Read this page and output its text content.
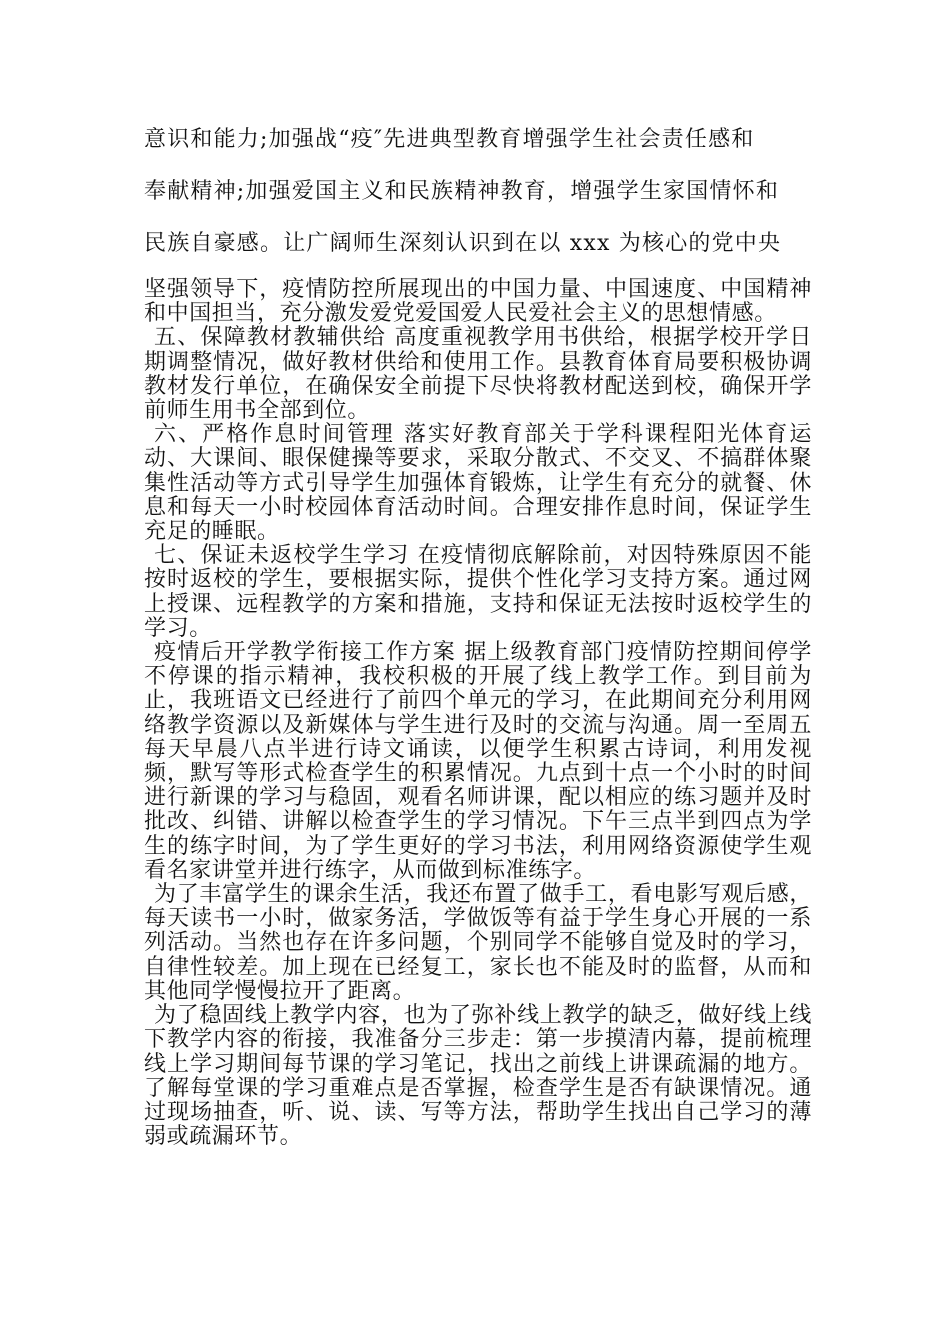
意识和能力;加强战“疫″先进典型教育增强学生社会责任感和
奉献精神;加强爱国主义和民族精神教育，增强学生家国情怀和
民族自豪感。让广阔师生深刻认识到在以 xxx 为核心的党中央

坚强领导下，疫情防控所展现出的中国力量、中国速度、中国精神和中国担当，充分激发爱党爱国爱人民爱社会主义的思想情感。

五、保障教材教辅供给 高度重视教学用书供给，根据学校开学日期调整情况，做好教材供给和使用工作。县教育体育局要积极协调教材发行单位，在确保安全前提下尽快将教材配送到校，确保开学前师生用书全部到位。

六、严格作息时间管理 落实好教育部关于学科课程阳光体育运动、大课间、眼保健操等要求，采取分散式、不交叉、不搞群体聚集性活动等方式引导学生加强体育锻炼，让学生有充分的就餐、休息和每天一小时校园体育活动时间。合理安排作息时间，保证学生充足的睡眠。

七、保证未返校学生学习 在疫情彻底解除前，对因特殊原因不能按时返校的学生，要根据实际，提供个性化学习支持方案。通过网上授课、远程教学的方案和措施，支持和保证无法按时返校学生的学习。

疫情后开学教学衔接工作方案 据上级教育部门疫情防控期间停学不停课的指示精神，我校积极的开展了线上教学工作。到目前为止，我班语文已经进行了前四个单元的学习，在此期间充分利用网络教学资源以及新媒体与学生进行及时的交流与沟通。周一至周五每天早晨八点半进行诗文诵读，以便学生积累古诗词，利用发视频，默写等形式检查学生的积累情况。九点到十点一个小时的时间进行新课的学习与稳固，观看名师讲课，配以相应的练习题并及时批改、纠错、讲解以检查学生的学习情况。下午三点半到四点为学生的练字时间，为了学生更好的学习书法，利用网络资源使学生观看名家讲堂并进行练字，从而做到标准练字。

为了丰富学生的课余生活，我还布置了做手工，看电影写观后感，每天读书一小时，做家务活，学做饭等有益于学生身心开展的一系列活动。当然也存在许多问题，个别同学不能够自觉及时的学习，自律性较差。加上现在已经复工，家长也不能及时的监督，从而和其他同学慢慢拉开了距离。

为了稳固线上教学内容，也为了弥补线上教学的缺乏，做好线上线下教学内容的衔接，我准备分三步走：第一步摸清内幕，提前梳理线上学习期间每节课的学习笔记，找出之前线上讲课疏漏的地方。了解每堂课的学习重难点是否掌握，检查学生是否有缺课情况。通过现场抽查，听、说、读、写等方法，帮助学生找出自己学习的薄弱或疏漏环节。
